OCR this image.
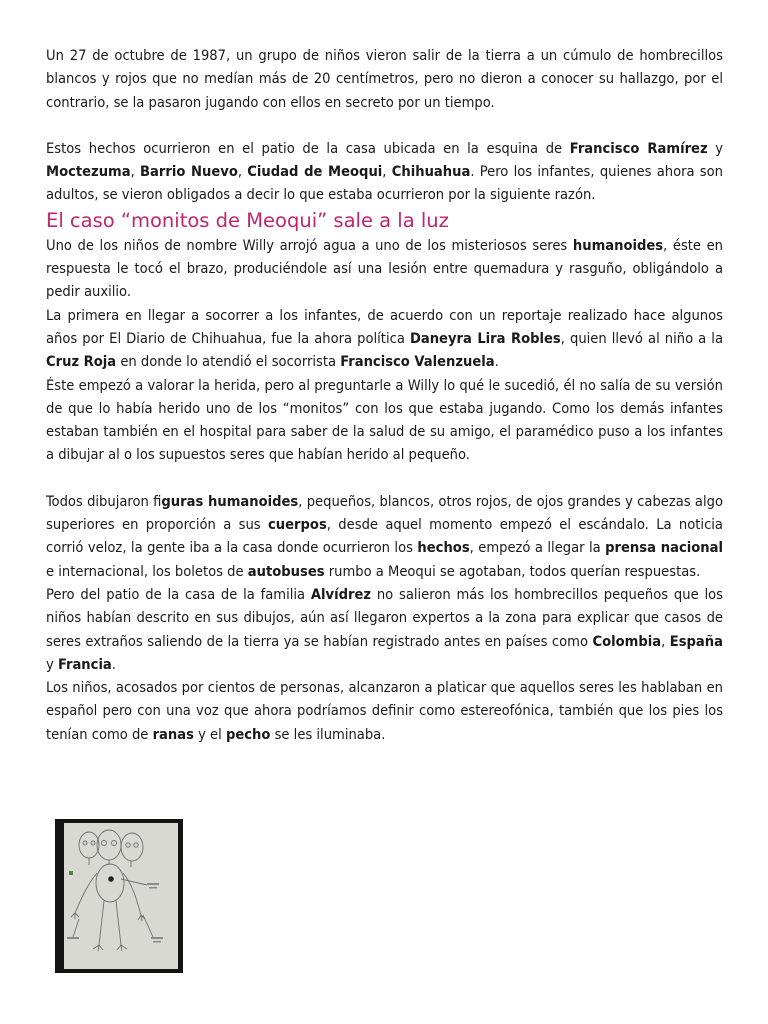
Un 27 de octubre de 1987, un grupo de niños vieron salir de la tierra a un cúmulo de hombrecillos blancos y rojos que no medían más de 20 centímetros, pero no dieron a conocer su hallazgo, por el contrario, se la pasaron jugando con ellos en secreto por un tiempo.

Estos hechos ocurrieron en el patio de la casa ubicada en la esquina de Francisco Ramírez y Moctezuma, Barrio Nuevo, Ciudad de Meoqui, Chihuahua. Pero los infantes, quienes ahora son adultos, se vieron obligados a decir lo que estaba ocurrieron por la siguiente razón.

El caso “monitos de Meoqui” sale a la luz

Uno de los niños de nombre Willy arrojó agua a uno de los misteriosos seres humanoides, éste en respuesta le tocó el brazo, produciéndole así una lesión entre quemadura y rasguño, obligándolo a pedir auxilio.

La primera en llegar a socorrer a los infantes, de acuerdo con un reportaje realizado hace algunos años por El Diario de Chihuahua, fue la ahora política Daneyra Lira Robles, quien llevó al niño a la Cruz Roja en donde lo atendió el socorrista Francisco Valenzuela.

Éste empezó a valorar la herida, pero al preguntarle a Willy lo qué le sucedió, él no salía de su versión de que lo había herido uno de los “monitos” con los que estaba jugando. Como los demás infantes estaban también en el hospital para saber de la salud de su amigo, el paramédico puso a los infantes a dibujar al o los supuestos seres que habían herido al pequeño.

Todos dibujaron figuras humanoides, pequeños, blancos, otros rojos, de ojos grandes y cabezas algo superiores en proporción a sus cuerpos, desde aquel momento empezó el escándalo. La noticia corrió veloz, la gente iba a la casa donde ocurrieron los hechos, empezó a llegar la prensa nacional e internacional, los boletos de autobuses rumbo a Meoqui se agotaban, todos querían respuestas.

Pero del patio de la casa de la familia Alvídrez no salieron más los hombrecillos pequeños que los niños habían descrito en sus dibujos, aún así llegaron expertos a la zona para explicar que casos de seres extraños saliendo de la tierra ya se habían registrado antes en países como Colombia, España y Francia.

Los niños, acosados por cientos de personas, alcanzaron a platicar que aquellos seres les hablaban en español pero con una voz que ahora podríamos definir como estereofónica, también que los pies los tenían como de ranas y el pecho se les iluminaba.
